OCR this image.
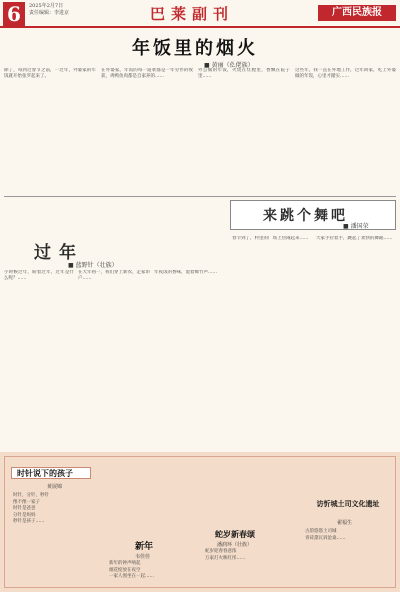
6	2025年2月7日
责任编辑：李进京	巴莱副刊	广西民族报
年饭里的烟火
■ 黄丽（仫佬族）
除了，每到过春节之前，一过年，外婆家的年饭就开始张罗起来了。
在外婆家，年饭的每一道菜都是一年劳作的收获，鸡鸭鱼肉都是自家养的……
外公做的年饭，火烧在灶膛里，香飘在院子里……
这些年，我一直在外地工作，过年回家，吃上外婆做的年饭，心里才踏实……
过年
■ 蓝野针（壮族）
小时候过年，盼着过年，过年是什么呢？……
在大年初一，我们穿上新衣，走家串户……
年夜饭的香味，混着爆竹声……
来跳个舞吧
■ 潘国荣
春节到了，村里的广场上热闹起来……	大家手拉着手，跳起了欢快的舞蹈……
时针说下的孩子
黄展锦
时针，分针，秒针
像不像一家子
时针是爸爸
分针是妈妈
秒针是孩子……
新年
韦佳佳
新年的钟声响起
烟花绽放在夜空
一家人围坐在一起……
蛇岁新春颂
潘润环（壮族）
蛇岁迎春春意浓
万家灯火映红彤……
访忻城土司文化遗址
翟福生
古韵悠悠土司城
青砖黛瓦诉沧桑……
